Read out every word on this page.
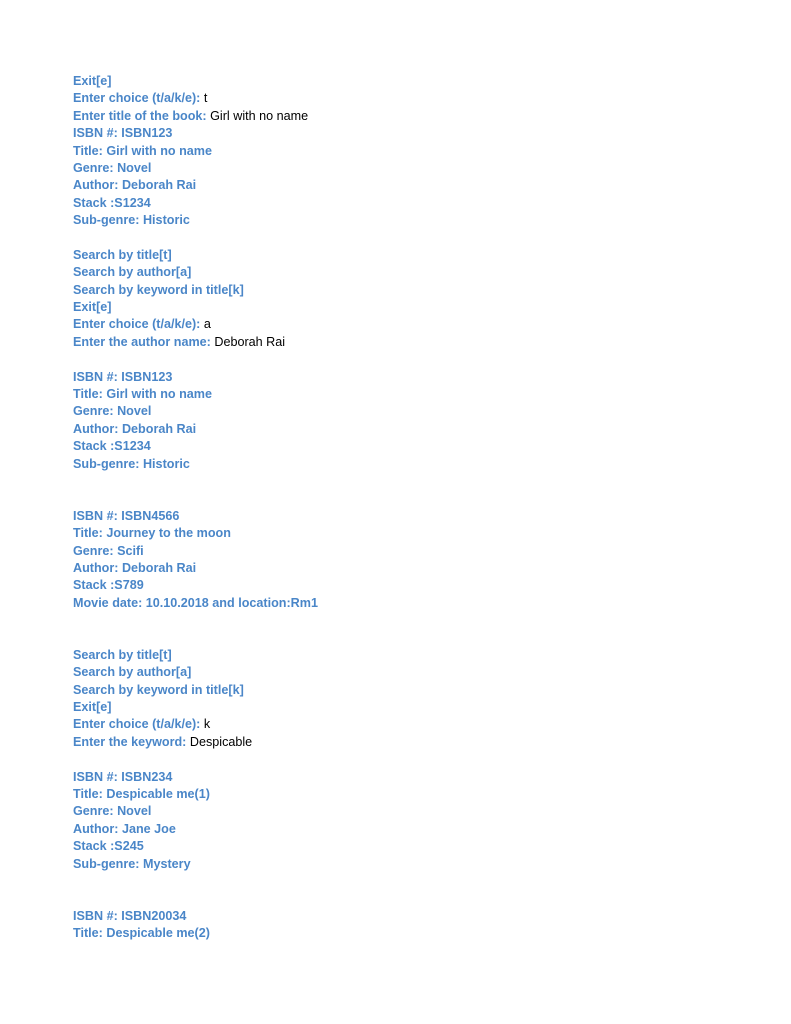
Exit[e]
Enter choice (t/a/k/e): t
Enter title of the book: Girl with no name
ISBN #: ISBN123
Title: Girl with no name
Genre: Novel
Author: Deborah Rai
Stack :S1234
Sub-genre: Historic
Search by title[t]
Search by author[a]
Search by keyword in title[k]
Exit[e]
Enter choice (t/a/k/e): a
Enter the author name: Deborah Rai
ISBN #: ISBN123
Title: Girl with no name
Genre: Novel
Author: Deborah Rai
Stack :S1234
Sub-genre: Historic
ISBN #: ISBN4566
Title: Journey to the moon
Genre: Scifi
Author: Deborah Rai
Stack :S789
Movie date: 10.10.2018 and location:Rm1
Search by title[t]
Search by author[a]
Search by keyword in title[k]
Exit[e]
Enter choice (t/a/k/e): k
Enter the keyword: Despicable
ISBN #: ISBN234
Title: Despicable me(1)
Genre: Novel
Author: Jane Joe
Stack :S245
Sub-genre: Mystery
ISBN #: ISBN20034
Title: Despicable me(2)
